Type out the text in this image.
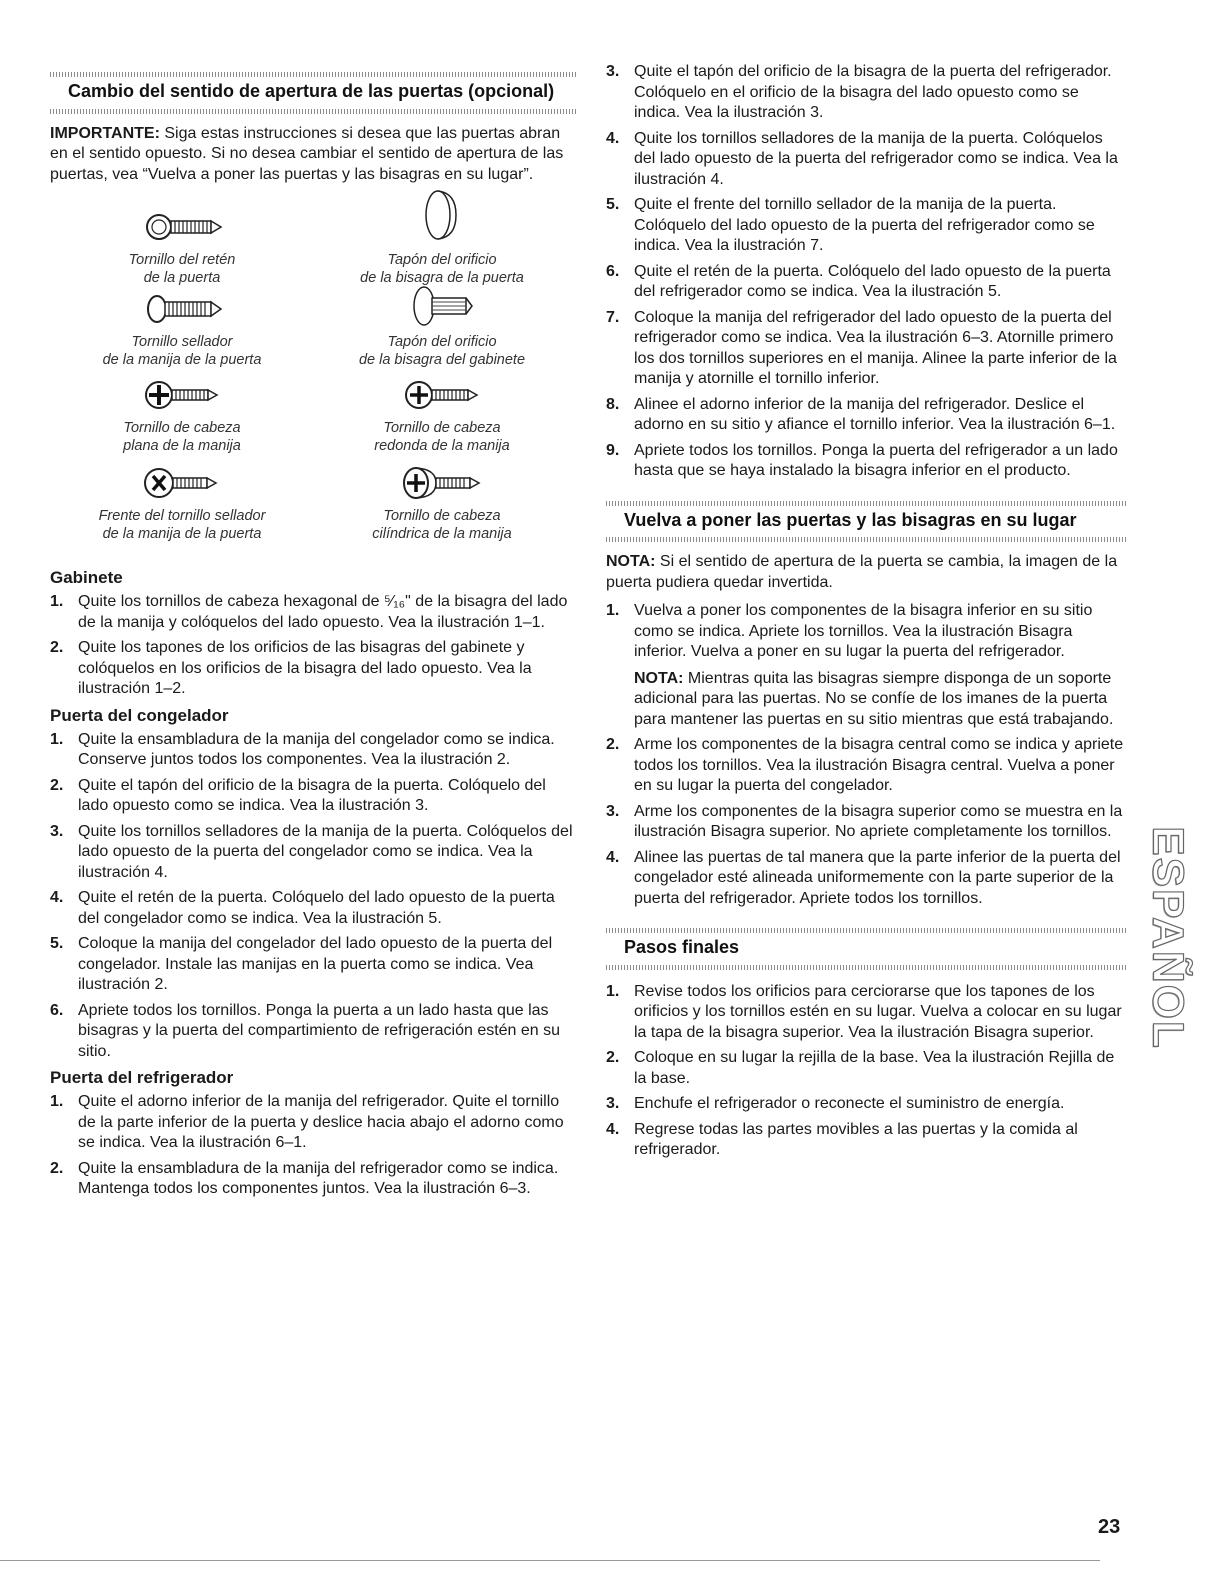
Cambio del sentido de apertura de las puertas (opcional)

IMPORTANTE: Siga estas instrucciones si desea que las puertas abran en el sentido opuesto. Si no desea cambiar el sentido de apertura de las puertas, vea “Vuelva a poner las puertas y las bisagras en su lugar”.

Tornillo del retén
de la puerta
Tapón del orificio
de la bisagra de la puerta
Tornillo sellador
de la manija de la puerta
Tapón del orificio
de la bisagra del gabinete
Tornillo de cabeza
plana de la manija
Tornillo de cabeza
redonda de la manija
Frente del tornillo sellador
de la manija de la puerta
Tornillo de cabeza
cilíndrica de la manija
Gabinete
1. Quite los tornillos de cabeza hexagonal de ⁵⁄₁₆" de la bisagra del lado de la manija y colóquelos del lado opuesto. Vea la ilustración 1–1.
2. Quite los tapones de los orificios de las bisagras del gabinete y colóquelos en los orificios de la bisagra del lado opuesto. Vea la ilustración 1–2.
Puerta del congelador
1. Quite la ensambladura de la manija del congelador como se indica. Conserve juntos todos los componentes. Vea la ilustración 2.
2. Quite el tapón del orificio de la bisagra de la puerta. Colóquelo del lado opuesto como se indica. Vea la ilustración 3.
3. Quite los tornillos selladores de la manija de la puerta. Colóquelos del lado opuesto de la puerta del congelador como se indica. Vea la ilustración 4.
4. Quite el retén de la puerta. Colóquelo del lado opuesto de la puerta del congelador como se indica. Vea la ilustración 5.
5. Coloque la manija del congelador del lado opuesto de la puerta del congelador. Instale las manijas en la puerta como se indica. Vea ilustración 2.
6. Apriete todos los tornillos. Ponga la puerta a un lado hasta que las bisagras y la puerta del compartimiento de refrigeración estén en su sitio.
Puerta del refrigerador
1. Quite el adorno inferior de la manija del refrigerador. Quite el tornillo de la parte inferior de la puerta y deslice hacia abajo el adorno como se indica. Vea la ilustración 6–1.
2. Quite la ensambladura de la manija del refrigerador como se indica. Mantenga todos los componentes juntos. Vea la ilustración 6–3.
3. Quite el tapón del orificio de la bisagra de la puerta del refrigerador. Colóquelo en el orificio de la bisagra del lado opuesto como se indica. Vea la ilustración 3.
4. Quite los tornillos selladores de la manija de la puerta. Colóquelos del lado opuesto de la puerta del refrigerador como se indica. Vea la ilustración 4.
5. Quite el frente del tornillo sellador de la manija de la puerta. Colóquelo del lado opuesto de la puerta del refrigerador como se indica. Vea la ilustración 7.
6. Quite el retén de la puerta. Colóquelo del lado opuesto de la puerta del refrigerador como se indica. Vea la ilustración 5.
7. Coloque la manija del refrigerador del lado opuesto de la puerta del refrigerador como se indica. Vea la ilustración 6–3. Atornille primero los dos tornillos superiores en el manija. Alinee la parte inferior de la manija y atornille el tornillo inferior.
8. Alinee el adorno inferior de la manija del refrigerador. Deslice el adorno en su sitio y afiance el tornillo inferior. Vea la ilustración 6–1.
9. Apriete todos los tornillos. Ponga la puerta del refrigerador a un lado hasta que se haya instalado la bisagra inferior en el producto.
Vuelva a poner las puertas y las bisagras en su lugar

NOTA: Si el sentido de apertura de la puerta se cambia, la imagen de la puerta pudiera quedar invertida.

1. Vuelva a poner los componentes de la bisagra inferior en su sitio como se indica. Apriete los tornillos. Vea la ilustración Bisagra inferior. Vuelva a poner en su lugar la puerta del refrigerador.
NOTA: Mientras quita las bisagras siempre disponga de un soporte adicional para las puertas. No se confíe de los imanes de la puerta para mantener las puertas en su sitio mientras que está trabajando.
2. Arme los componentes de la bisagra central como se indica y apriete todos los tornillos. Vea la ilustración Bisagra central. Vuelva a poner en su lugar la puerta del congelador.
3. Arme los componentes de la bisagra superior como se muestra en la ilustración Bisagra superior. No apriete completamente los tornillos.
4. Alinee las puertas de tal manera que la parte inferior de la puerta del congelador esté alineada uniformemente con la parte superior de la puerta del refrigerador. Apriete todos los tornillos.
Pasos finales
1. Revise todos los orificios para cerciorarse que los tapones de los orificios y los tornillos estén en su lugar. Vuelva a colocar en su lugar la tapa de la bisagra superior. Vea la ilustración Bisagra superior.
2. Coloque en su lugar la rejilla de la base. Vea la ilustración Rejilla de la base.
3. Enchufe el refrigerador o reconecte el suministro de energía.
4. Regrese todas las partes movibles a las puertas y la comida al refrigerador.
ESPAÑOL
23
